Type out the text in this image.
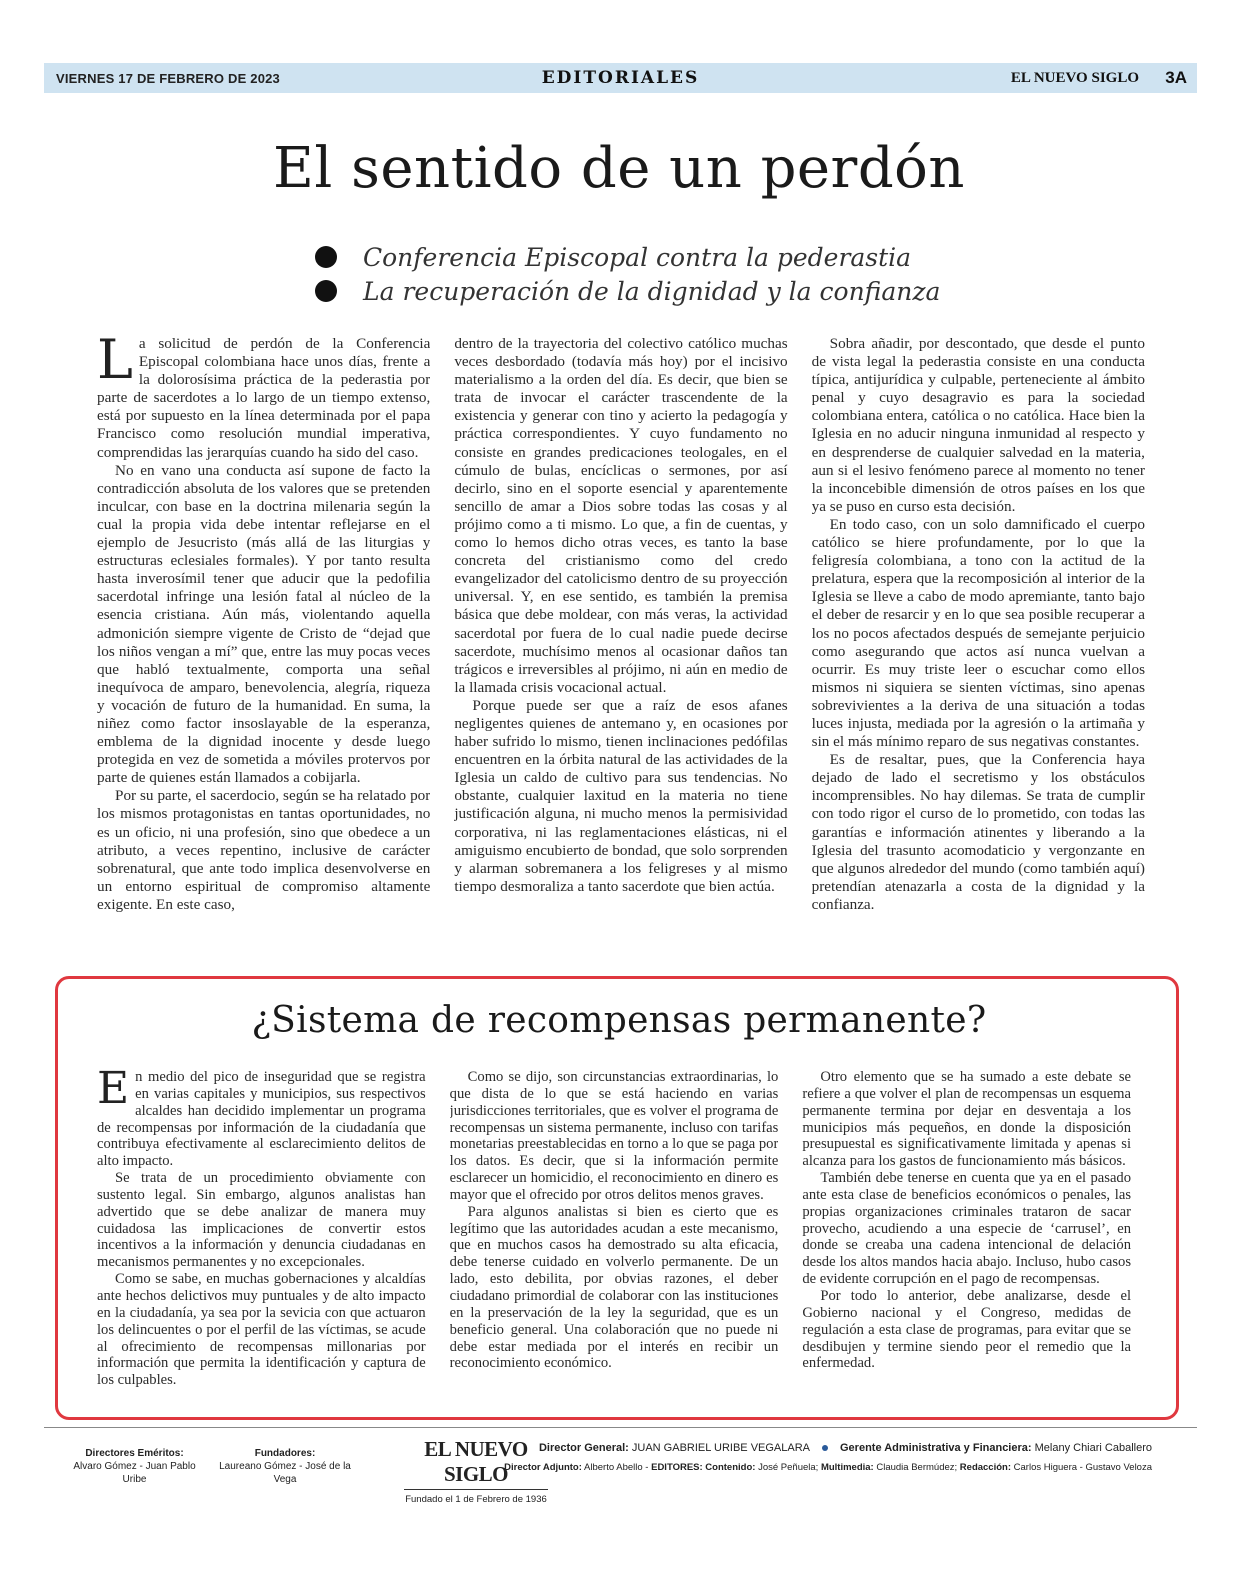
VIERNES 17 DE FEBRERO DE 2023	EDITORIALES	EL NUEVO SIGLO 3A
El sentido de un perdón
Conferencia Episcopal contra la pederastia
La recuperación de la dignidad y la confianza

La solicitud de perdón de la Conferencia Episcopal colombiana hace unos días, frente a la dolorosísima práctica de la pederastia por parte de sacerdotes a lo largo de un tiempo extenso, está por supuesto en la línea determinada por el papa Francisco como resolución mundial imperativa, comprendidas las jerarquías cuando ha sido del caso.

No en vano una conducta así supone de facto la contradicción absoluta de los valores que se pretenden inculcar, con base en la doctrina milenaria según la cual la propia vida debe intentar reflejarse en el ejemplo de Jesucristo (más allá de las liturgias y estructuras eclesiales formales). Y por tanto resulta hasta inverosímil tener que aducir que la pedofilia sacerdotal infringe una lesión fatal al núcleo de la esencia cristiana. Aún más, violentando aquella admonición siempre vigente de Cristo de “dejad que los niños vengan a mí” que, entre las muy pocas veces que habló textualmente, comporta una señal inequívoca de amparo, benevolencia, alegría, riqueza y vocación de futuro de la humanidad. En suma, la niñez como factor insoslayable de la esperanza, emblema de la dignidad inocente y desde luego protegida en vez de sometida a móviles protervos por parte de quienes están llamados a cobijarla.

Por su parte, el sacerdocio, según se ha relatado por los mismos protagonistas en tantas oportunidades, no es un oficio, ni una profesión, sino que obedece a un atributo, a veces repentino, inclusive de carácter sobrenatural, que ante todo implica desenvolverse en un entorno espiritual de compromiso altamente exigente. En este caso,

dentro de la trayectoria del colectivo católico muchas veces desbordado (todavía más hoy) por el incisivo materialismo a la orden del día. Es decir, que bien se trata de invocar el carácter trascendente de la existencia y generar con tino y acierto la pedagogía y práctica correspondientes. Y cuyo fundamento no consiste en grandes predicaciones teologales, en el cúmulo de bulas, encíclicas o sermones, por así decirlo, sino en el soporte esencial y aparentemente sencillo de amar a Dios sobre todas las cosas y al prójimo como a ti mismo. Lo que, a fin de cuentas, y como lo hemos dicho otras veces, es tanto la base concreta del cristianismo como del credo evangelizador del catolicismo dentro de su proyección universal. Y, en ese sentido, es también la premisa básica que debe moldear, con más veras, la actividad sacerdotal por fuera de lo cual nadie puede decirse sacerdote, muchísimo menos al ocasionar daños tan trágicos e irreversibles al prójimo, ni aún en medio de la llamada crisis vocacional actual.

Porque puede ser que a raíz de esos afanes negligentes quienes de antemano y, en ocasiones por haber sufrido lo mismo, tienen inclinaciones pedófilas encuentren en la órbita natural de las actividades de la Iglesia un caldo de cultivo para sus tendencias. No obstante, cualquier laxitud en la materia no tiene justificación alguna, ni mucho menos la permisividad corporativa, ni las reglamentaciones elásticas, ni el amiguismo encubierto de bondad, que solo sorprenden y alarman sobremanera a los feligreses y al mismo tiempo desmoraliza a tanto sacerdote que bien actúa.

Sobra añadir, por descontado, que desde el punto de vista legal la pederastia consiste en una conducta típica, antijurídica y culpable, perteneciente al ámbito penal y cuyo desagravio es para la sociedad colombiana entera, católica o no católica. Hace bien la Iglesia en no aducir ninguna inmunidad al respecto y en desprenderse de cualquier salvedad en la materia, aun si el lesivo fenómeno parece al momento no tener la inconcebible dimensión de otros países en los que ya se puso en curso esta decisión.

En todo caso, con un solo damnificado el cuerpo católico se hiere profundamente, por lo que la feligresía colombiana, a tono con la actitud de la prelatura, espera que la recomposición al interior de la Iglesia se lleve a cabo de modo apremiante, tanto bajo el deber de resarcir y en lo que sea posible recuperar a los no pocos afectados después de semejante perjuicio como asegurando que actos así nunca vuelvan a ocurrir. Es muy triste leer o escuchar como ellos mismos ni siquiera se sienten víctimas, sino apenas sobrevivientes a la deriva de una situación a todas luces injusta, mediada por la agresión o la artimaña y sin el más mínimo reparo de sus negativas constantes.

Es de resaltar, pues, que la Conferencia haya dejado de lado el secretismo y los obstáculos incomprensibles. No hay dilemas. Se trata de cumplir con todo rigor el curso de lo prometido, con todas las garantías e información atinentes y liberando a la Iglesia del trasunto acomodaticio y vergonzante en que algunos alrededor del mundo (como también aquí) pretendían atenazarla a costa de la dignidad y la confianza.

¿Sistema de recompensas permanente?

En medio del pico de inseguridad que se registra en varias capitales y municipios, sus respectivos alcaldes han decidido implementar un programa de recompensas por información de la ciudadanía que contribuya efectivamente al esclarecimiento delitos de alto impacto.

Se trata de un procedimiento obviamente con sustento legal. Sin embargo, algunos analistas han advertido que se debe analizar de manera muy cuidadosa las implicaciones de convertir estos incentivos a la información y denuncia ciudadanas en mecanismos permanentes y no excepcionales.

Como se sabe, en muchas gobernaciones y alcaldías ante hechos delictivos muy puntuales y de alto impacto en la ciudadanía, ya sea por la sevicia con que actuaron los delincuentes o por el perfil de las víctimas, se acude al ofrecimiento de recompensas millonarias por información que permita la identificación y captura de los culpables.

Como se dijo, son circunstancias extraordinarias, lo que dista de lo que se está haciendo en varias jurisdicciones territoriales, que es volver el programa de recompensas un sistema permanente, incluso con tarifas monetarias preestablecidas en torno a lo que se paga por los datos. Es decir, que si la información permite esclarecer un homicidio, el reconocimiento en dinero es mayor que el ofrecido por otros delitos menos graves.

Para algunos analistas si bien es cierto que es legítimo que las autoridades acudan a este mecanismo, que en muchos casos ha demostrado su alta eficacia, debe tenerse cuidado en volverlo permanente. De un lado, esto debilita, por obvias razones, el deber ciudadano primordial de colaborar con las instituciones en la preservación de la ley la seguridad, que es un beneficio general. Una colaboración que no puede ni debe estar mediada por el interés en recibir un reconocimiento económico.

Otro elemento que se ha sumado a este debate se refiere a que volver el plan de recompensas un esquema permanente termina por dejar en desventaja a los municipios más pequeños, en donde la disposición presupuestal es significativamente limitada y apenas si alcanza para los gastos de funcionamiento más básicos.

También debe tenerse en cuenta que ya en el pasado ante esta clase de beneficios económicos o penales, las propias organizaciones criminales trataron de sacar provecho, acudiendo a una especie de ‘carrusel’, en donde se creaba una cadena intencional de delación desde los altos mandos hacia abajo. Incluso, hubo casos de evidente corrupción en el pago de recompensas.

Por todo lo anterior, debe analizarse, desde el Gobierno nacional y el Congreso, medidas de regulación a esta clase de programas, para evitar que se desdibujen y termine siendo peor el remedio que la enfermedad.

Directores Eméritos:
Alvaro Gómez - Juan Pablo Uribe
Fundadores:
Laureano Gómez - José de la Vega
EL NUEVO SIGLO
Fundado el 1 de Febrero de 1936
Director General: JUAN GABRIEL URIBE VEGALARA	Gerente Administrativa y Financiera: Melany Chiari Caballero
Director Adjunto: Alberto Abello - EDITORES: Contenido: José Peñuela; Multimedia: Claudia Bermúdez; Redacción: Carlos Higuera - Gustavo Veloza
